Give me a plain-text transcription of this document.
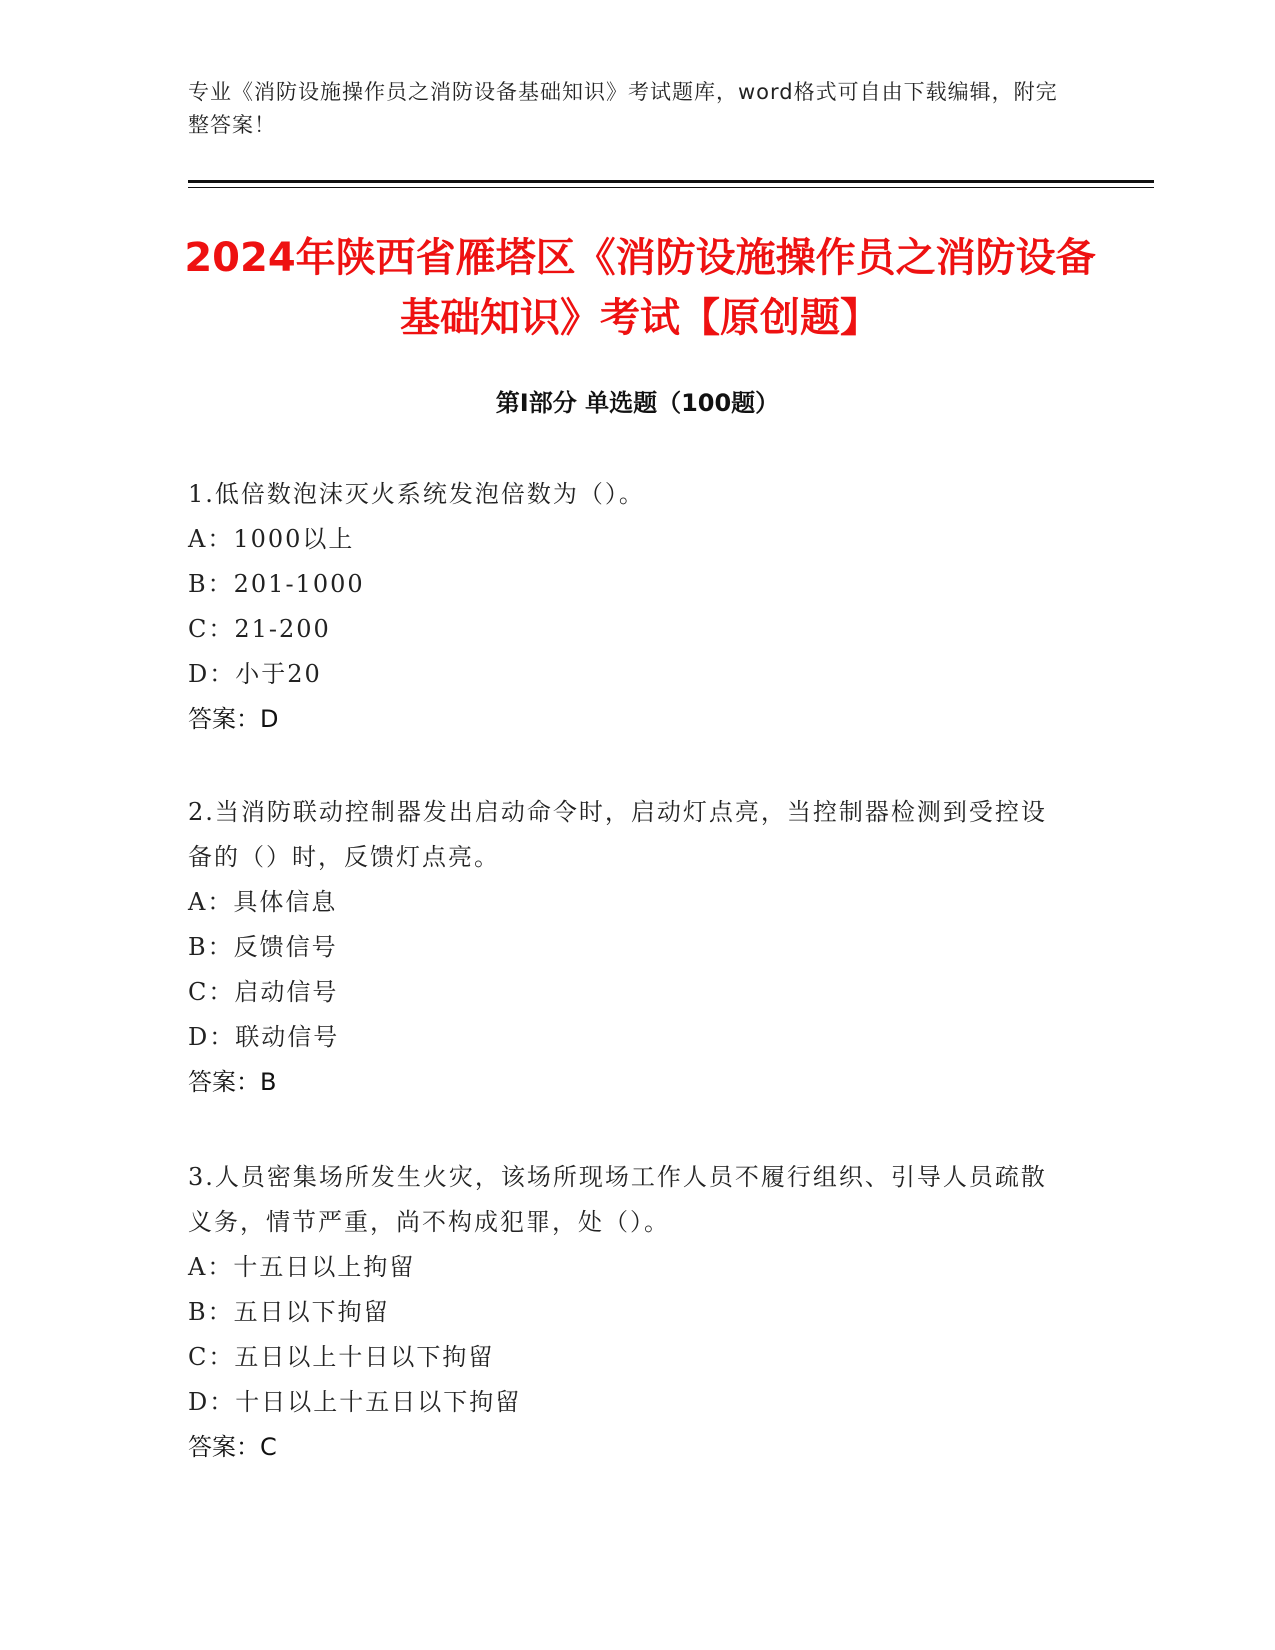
专业《消防设施操作员之消防设备基础知识》考试题库，word格式可自由下载编辑，附完整答案！
2024年陕西省雁塔区《消防设施操作员之消防设备基础知识》考试【原创题】
第I部分 单选题（100题）
1.低倍数泡沫灭火系统发泡倍数为（）。
A：1000以上
B：201-1000
C：21-200
D：小于20
答案：D
2.当消防联动控制器发出启动命令时，启动灯点亮，当控制器检测到受控设备的（）时，反馈灯点亮。
A：具体信息
B：反馈信号
C：启动信号
D：联动信号
答案：B
3.人员密集场所发生火灾，该场所现场工作人员不履行组织、引导人员疏散义务，情节严重，尚不构成犯罪，处（）。
A：十五日以上拘留
B：五日以下拘留
C：五日以上十日以下拘留
D：十日以上十五日以下拘留
答案：C
